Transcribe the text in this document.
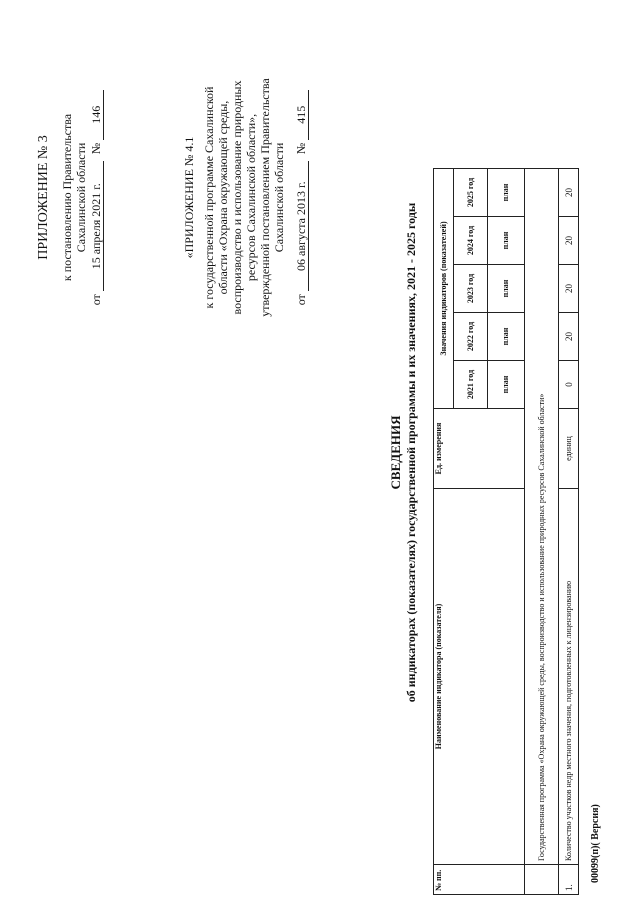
ПРИЛОЖЕНИЕ № 3 к постановлению Правительства Сахалинской области
от 15 апреля 2021 г. № 146
«ПРИЛОЖЕНИЕ № 4.1 к государственной программе Сахалинской области «Охрана окружающей среды, воспроизводство и использование природных ресурсов Сахалинской области», утвержденной постановлением Правительства Сахалинской области
от 06 августа 2013 г. № 415
СВЕДЕНИЯ об индикаторах (показателях) государственной программы и их значениях, 2021 - 2025 годы
№ пп.	Наименование индикатора (показателя)	Ед. измерения	Значения индикаторов (показателей)				
			2021 год	2022 год	2023 год	2024 год	2025 год
			план	план	план	план	план
	Государственная программа «Охрана окружающей среды, воспроизводство и использование природных ресурсов Сахалинской области»						
1.	Количество участков недр местного значения, подготовленных к лицензированию	единиц	0	20	20	20	20
00099(п)( Версия)
